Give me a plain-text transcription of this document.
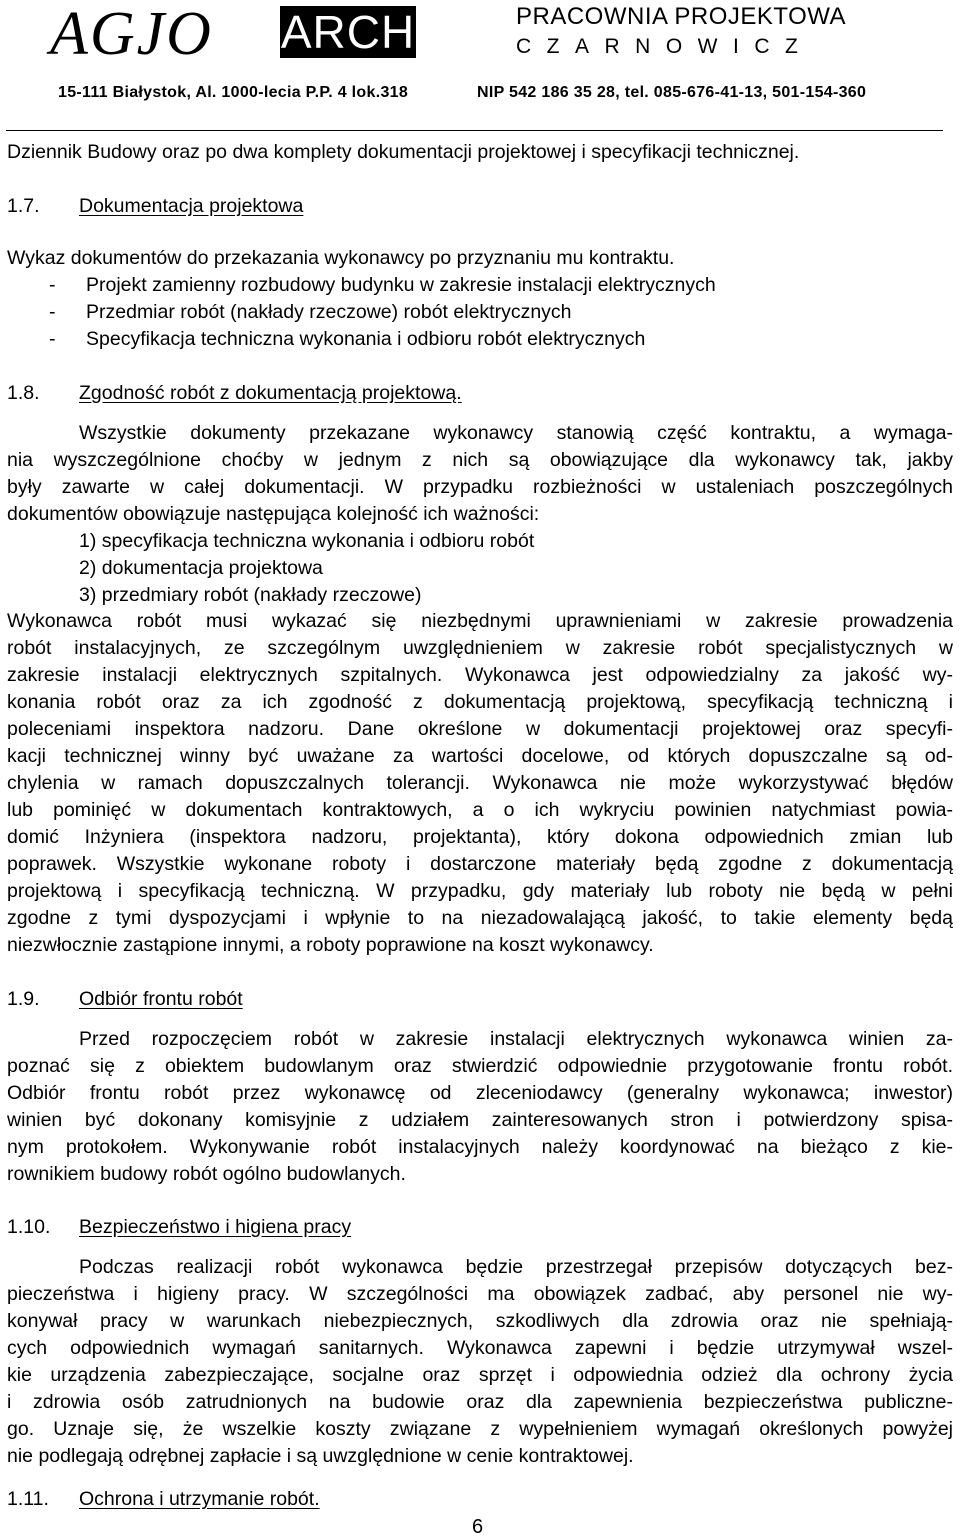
AGJO ARCH	PRACOWNIA PROJEKTOWA
CZARNOWICZ
15-111 Białystok, Al. 1000-lecia P.P. 4 lok.318	NIP 542 186 35 28, tel. 085-676-41-13, 501-154-360
Dziennik Budowy oraz po dwa komplety dokumentacji projektowej i specyfikacji technicznej.
1.7. Dokumentacja projektowa
Wykaz dokumentów do przekazania wykonawcy po przyznaniu mu kontraktu.
- Projekt zamienny rozbudowy budynku w zakresie instalacji elektrycznych
- Przedmiar robót (nakłady rzeczowe) robót elektrycznych
- Specyfikacja techniczna wykonania i odbioru robót elektrycznych
1.8. Zgodność robót z dokumentacją projektową.
Wszystkie dokumenty przekazane wykonawcy stanowią część kontraktu, a wymaga-
nia wyszczególnione choćby w jednym z nich są obowiązujące dla wykonawcy tak, jakby
były zawarte w całej dokumentacji. W przypadku rozbieżności w ustaleniach poszczególnych
dokumentów obowiązuje następująca kolejność ich ważności:
1) specyfikacja techniczna wykonania i odbioru robót
2) dokumentacja projektowa
3) przedmiary robót (nakłady rzeczowe)
Wykonawca robót musi wykazać się niezbędnymi uprawnieniami w zakresie prowadzenia
robót instalacyjnych, ze szczególnym uwzględnieniem w zakresie robót specjalistycznych w
zakresie instalacji elektrycznych szpitalnych. Wykonawca jest odpowiedzialny za jakość wy-
konania robót oraz za ich zgodność z dokumentacją projektową, specyfikacją techniczną i
poleceniami inspektora nadzoru. Dane określone w dokumentacji projektowej oraz specyfi-
kacji technicznej winny być uważane za wartości docelowe, od których dopuszczalne są od-
chylenia w ramach dopuszczalnych tolerancji. Wykonawca nie może wykorzystywać błędów
lub pominięć w dokumentach kontraktowych, a o ich wykryciu powinien natychmiast powia-
domić Inżyniera (inspektora nadzoru, projektanta), który dokona odpowiednich zmian lub
poprawek. Wszystkie wykonane roboty i dostarczone materiały będą zgodne z dokumentacją
projektową i specyfikacją techniczną. W przypadku, gdy materiały lub roboty nie będą w pełni
zgodne z tymi dyspozycjami i wpłynie to na niezadowalającą jakość, to takie elementy będą
niezwłocznie zastąpione innymi, a roboty poprawione na koszt wykonawcy.
1.9. Odbiór frontu robót
Przed rozpoczęciem robót w zakresie instalacji elektrycznych wykonawca winien za-
poznać się z obiektem budowlanym oraz stwierdzić odpowiednie przygotowanie frontu robót.
Odbiór frontu robót przez wykonawcę od zleceniodawcy (generalny wykonawca; inwestor)
winien być dokonany komisyjnie z udziałem zainteresowanych stron i potwierdzony spisa-
nym protokołem. Wykonywanie robót instalacyjnych należy koordynować na bieżąco z kie-
rownikiem budowy robót ogólno budowlanych.
1.10. Bezpieczeństwo i higiena pracy
Podczas realizacji robót wykonawca będzie przestrzegał przepisów dotyczących bez-
pieczeństwa i higieny pracy. W szczególności ma obowiązek zadbać, aby personel nie wy-
konywał pracy w warunkach niebezpiecznych, szkodliwych dla zdrowia oraz nie spełniają-
cych odpowiednich wymagań sanitarnych. Wykonawca zapewni i będzie utrzymywał wszel-
kie urządzenia zabezpieczające, socjalne oraz sprzęt i odpowiednia odzież dla ochrony życia
i zdrowia osób zatrudnionych na budowie oraz dla zapewnienia bezpieczeństwa publiczne-
go. Uznaje się, że wszelkie koszty związane z wypełnieniem wymagań określonych powyżej
nie podlegają odrębnej zapłacie i są uwzględnione w cenie kontraktowej.
1.11. Ochrona i utrzymanie robót.
6
